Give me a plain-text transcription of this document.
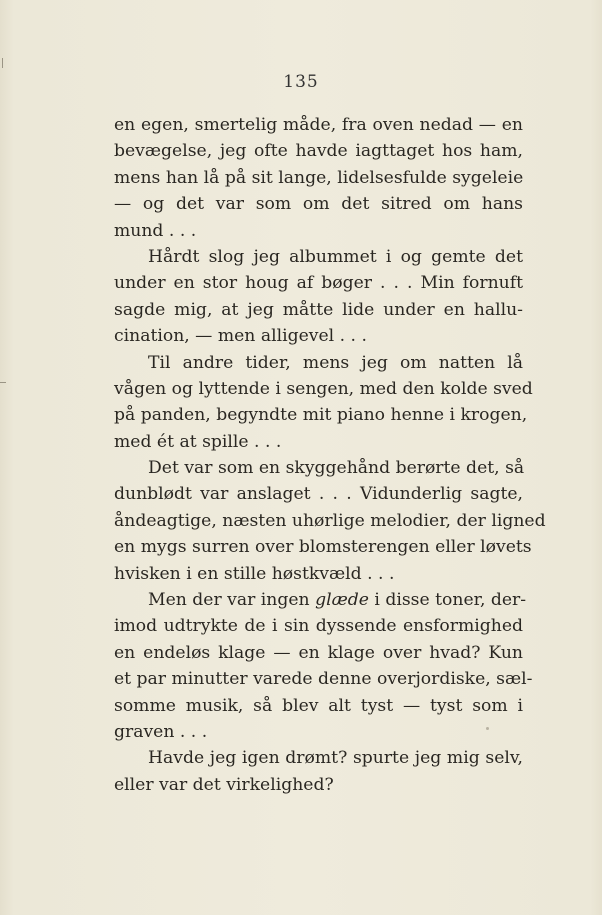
135
en egen, smertelig måde, fra oven nedad — en
bevægelse, jeg ofte havde iagttaget hos ham,
mens han lå på sit lange, lidelsesfulde sygeleie
— og det var som om det sitred om hans
mund . . .
Hårdt slog jeg albummet i og gemte det
under en stor houg af bøger . . . Min fornuft
sagde mig, at jeg måtte lide under en hallu-
cination, — men alligevel . . .
Til andre tider, mens jeg om natten lå
vågen og lyttende i sengen, med den kolde sved
på panden, begyndte mit piano henne i krogen,
med ét at spille . . .
Det var som en skyggehånd berørte det, så
dunblødt var anslaget . . . Vidunderlig sagte,
åndeagtige, næsten uhørlige melodier, der ligned
en mygs surren over blomsterengen eller løvets
hvisken i en stille høstkvæld . . .
Men der var ingen glæde i disse toner, der-
imod udtrykte de i sin dyssende ensformighed
en endeløs klage — en klage over hvad? Kun
et par minutter varede denne overjordiske, sæl-
somme musik, så blev alt tyst — tyst som i
graven . . .
Havde jeg igen drømt? spurte jeg mig selv,
eller var det virkelighed?
